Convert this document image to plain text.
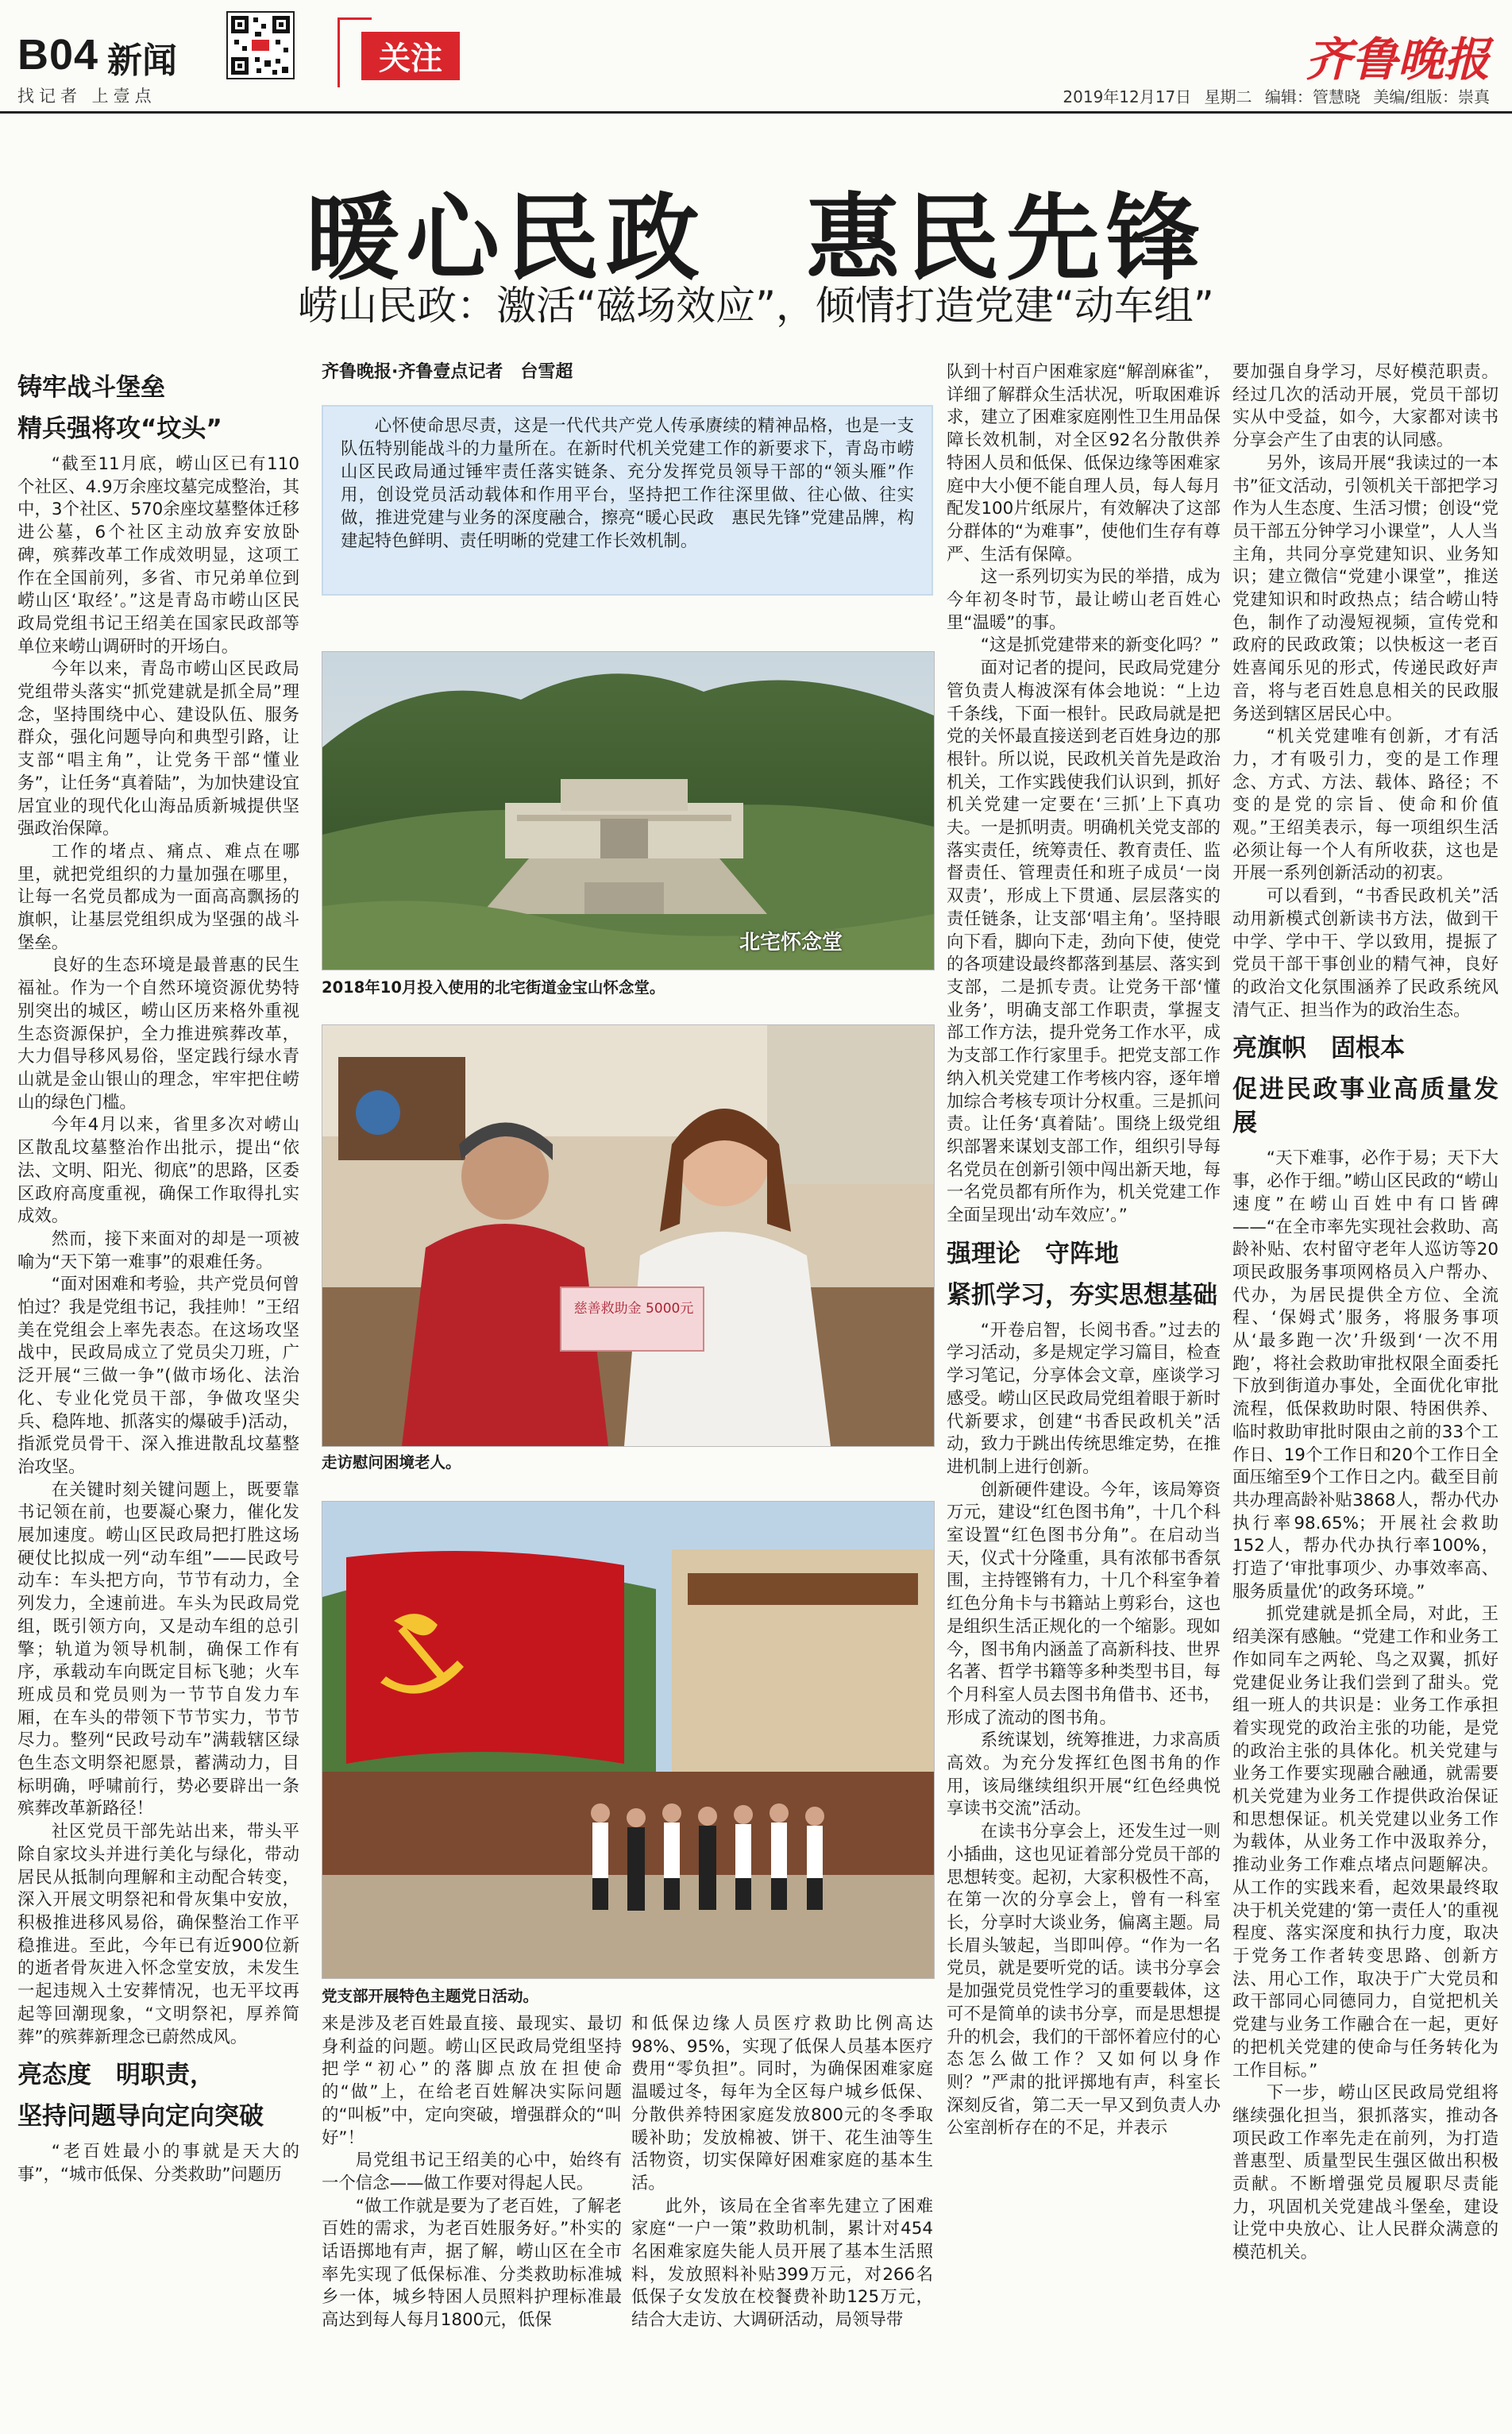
B04 新闻
找记者 上壹点
关注	齐鲁晚报
2019年12月17日 星期二 编辑：管慧晓 美编/组版：崇真
暖心民政　惠民先锋
崂山民政：激活“磁场效应”，倾情打造党建“动车组”
铸牢战斗堡垒
精兵强将攻“坟头”

“截至11月底，崂山区已有110个社区、4.9万余座坟墓完成整治，其中，3个社区、570余座坟墓整体迁移进公墓，6个社区主动放弃安放卧碑，殡葬改革工作成效明显，这项工作在全国前列，多省、市兄弟单位到崂山区‘取经’。”这是青岛市崂山区民政局党组书记王绍美在国家民政部等单位来崂山调研时的开场白。

今年以来，青岛市崂山区民政局党组带头落实“抓党建就是抓全局”理念，坚持围绕中心、建设队伍、服务群众，强化问题导向和典型引路，让支部“唱主角”，让党务干部“懂业务”，让任务“真着陆”，为加快建设宜居宜业的现代化山海品质新城提供坚强政治保障。

工作的堵点、痛点、难点在哪里，就把党组织的力量加强在哪里，让每一名党员都成为一面高高飘扬的旗帜，让基层党组织成为坚强的战斗堡垒。

良好的生态环境是最普惠的民生福祉。作为一个自然环境资源优势特别突出的城区，崂山区历来格外重视生态资源保护，全力推进殡葬改革，大力倡导移风易俗，坚定践行绿水青山就是金山银山的理念，牢牢把住崂山的绿色门槛。

今年4月以来，省里多次对崂山区散乱坟墓整治作出批示，提出“依法、文明、阳光、彻底”的思路，区委区政府高度重视，确保工作取得扎实成效。

然而，接下来面对的却是一项被喻为“天下第一难事”的艰难任务。

“面对困难和考验，共产党员何曾怕过？我是党组书记，我挂帅！”王绍美在党组会上率先表态。在这场攻坚战中，民政局成立了党员尖刀班，广泛开展“三做一争”(做市场化、法治化、专业化党员干部，争做攻坚尖兵、稳阵地、抓落实的爆破手)活动，指派党员骨干、深入推进散乱坟墓整治攻坚。

在关键时刻关键问题上，既要靠书记领在前，也要凝心聚力，催化发展加速度。崂山区民政局把打胜这场硬仗比拟成一列“动车组”——民政号动车：车头把方向，节节有动力，全列发力，全速前进。车头为民政局党组，既引领方向，又是动车组的总引擎；轨道为领导机制，确保工作有序，承载动车向既定目标飞驰；火车班成员和党员则为一节节自发力车厢，在车头的带领下节节实力，节节尽力。整列“民政号动车”满载辖区绿色生态文明祭祀愿景，蓄满动力，目标明确，呼啸前行，势必要辟出一条殡葬改革新路径！

社区党员干部先站出来，带头平除自家坟头并进行美化与绿化，带动居民从抵制向理解和主动配合转变，深入开展文明祭祀和骨灰集中安放，积极推进移风易俗，确保整治工作平稳推进。至此，今年已有近900位新的逝者骨灰进入怀念堂安放，未发生一起违规入土安葬情况，也无平坟再起等回潮现象，“文明祭祀，厚养简葬”的殡葬新理念已蔚然成风。

亮态度　明职责，
坚持问题导向定向突破

“老百姓最小的事就是天大的事”，“城市低保、分类救助”问题历

齐鲁晚报·齐鲁壹点记者　台雪超

心怀使命思尽责，这是一代代共产党人传承赓续的精神品格，也是一支队伍特别能战斗的力量所在。在新时代机关党建工作的新要求下，青岛市崂山区民政局通过锤牢责任落实链条、充分发挥党员领导干部的“领头雁”作用，创设党员活动载体和作用平台，坚持把工作往深里做、往心做、往实做，推进党建与业务的深度融合，擦亮“暖心民政　惠民先锋”党建品牌，构建起特色鲜明、责任明晰的党建工作长效机制。

北宅怀念堂
2018年10月投入使用的北宅街道金宝山怀念堂。
慈善救助金 5000元
走访慰问困境老人。
党支部开展特色主题党日活动。

来是涉及老百姓最直接、最现实、最切身利益的问题。崂山区民政局党组坚持把学“初心”的落脚点放在担使命的“做”上，在给老百姓解决实际问题的“叫板”中，定向突破，增强群众的“叫好”！

局党组书记王绍美的心中，始终有一个信念——做工作要对得起人民。

“做工作就是要为了老百姓，了解老百姓的需求，为老百姓服务好。”朴实的话语掷地有声，据了解，崂山区在全市率先实现了低保标准、分类救助标准城乡一体，城乡特困人员照料护理标准最高达到每人每月1800元，低保

和低保边缘人员医疗救助比例高达98%、95%，实现了低保人员基本医疗费用“零负担”。同时，为确保困难家庭温暖过冬，每年为全区每户城乡低保、分散供养特困家庭发放800元的冬季取暖补助；发放棉被、饼干、花生油等生活物资，切实保障好困难家庭的基本生活。

此外，该局在全省率先建立了困难家庭“一户一策”救助机制，累计对454名困难家庭失能人员开展了基本生活照料，发放照料补贴399万元，对266名低保子女发放在校餐费补助125万元，结合大走访、大调研活动，局领导带

队到十村百户困难家庭“解剖麻雀”，详细了解群众生活状况，听取困难诉求，建立了困难家庭刚性卫生用品保障长效机制，对全区92名分散供养特困人员和低保、低保边缘等困难家庭中大小便不能自理人员，每人每月配发100片纸尿片，有效解决了这部分群体的“为难事”，使他们生存有尊严、生活有保障。

这一系列切实为民的举措，成为今年初冬时节，最让崂山老百姓心里“温暖”的事。

“这是抓党建带来的新变化吗？”

面对记者的提问，民政局党建分管负责人梅波深有体会地说：“上边千条线，下面一根针。民政局就是把党的关怀最直接送到老百姓身边的那根针。所以说，民政机关首先是政治机关，工作实践使我们认识到，抓好机关党建一定要在‘三抓’上下真功夫。一是抓明责。明确机关党支部的落实责任，统筹责任、教育责任、监督责任、管理责任和班子成员‘一岗双责’，形成上下贯通、层层落实的责任链条，让支部‘唱主角’。坚持眼向下看，脚向下走，劲向下使，使党的各项建设最终都落到基层、落实到支部，二是抓专责。让党务干部‘懂业务’，明确支部工作职责，掌握支部工作方法，提升党务工作水平，成为支部工作行家里手。把党支部工作纳入机关党建工作考核内容，逐年增加综合考核专项计分权重。三是抓问责。让任务‘真着陆’。围绕上级党组织部署来谋划支部工作，组织引导每名党员在创新引领中闯出新天地，每一名党员都有所作为，机关党建工作全面呈现出‘动车效应’。”

强理论　守阵地
紧抓学习，夯实思想基础

“开卷启智，长阅书香。”过去的学习活动，多是规定学习篇目，检查学习笔记，分享体会文章，座谈学习感受。崂山区民政局党组着眼于新时代新要求，创建“书香民政机关”活动，致力于跳出传统思维定势，在推进机制上进行创新。

创新硬件建设。今年，该局筹资万元，建设“红色图书角”，十几个科室设置“红色图书分角”。在启动当天，仪式十分隆重，具有浓郁书香氛围，主持铿锵有力，十几个科室争着红色分角卡与书籍站上剪彩台，这也是组织生活正规化的一个缩影。现如今，图书角内涵盖了高新科技、世界名著、哲学书籍等多种类型书目，每个月科室人员去图书角借书、还书，形成了流动的图书角。

系统谋划，统筹推进，力求高质高效。为充分发挥红色图书角的作用，该局继续组织开展“红色经典悦享读书交流”活动。

在读书分享会上，还发生过一则小插曲，这也见证着部分党员干部的思想转变。起初，大家积极性不高，在第一次的分享会上，曾有一科室长，分享时大谈业务，偏离主题。局长眉头皱起，当即叫停。“作为一名党员，就是要听党的话。读书分享会是加强党员党性学习的重要载体，这可不是简单的读书分享，而是思想提升的机会，我们的干部怀着应付的心态怎么做工作？又如何以身作则？”严肃的批评掷地有声，科室长深刻反省，第二天一早又到负责人办公室剖析存在的不足，并表示

要加强自身学习，尽好模范职责。经过几次的活动开展，党员干部切实从中受益，如今，大家都对读书分享会产生了由衷的认同感。

另外，该局开展“我读过的一本书”征文活动，引领机关干部把学习作为人生态度、生活习惯；创设“党员干部五分钟学习小课堂”，人人当主角，共同分享党建知识、业务知识；建立微信“党建小课堂”，推送党建知识和时政热点；结合崂山特色，制作了动漫短视频，宣传党和政府的民政政策；以快板这一老百姓喜闻乐见的形式，传递民政好声音，将与老百姓息息相关的民政服务送到辖区居民心中。

“机关党建唯有创新，才有活力，才有吸引力，变的是工作理念、方式、方法、载体、路径；不变的是党的宗旨、使命和价值观。”王绍美表示，每一项组织生活必须让每一个人有所收获，这也是开展一系列创新活动的初衷。

可以看到，“书香民政机关”活动用新模式创新读书方法，做到干中学、学中干、学以致用，提振了党员干部干事创业的精气神，良好的政治文化氛围涵养了民政系统风清气正、担当作为的政治生态。

亮旗帜　固根本
促进民政事业高质量发展

“天下难事，必作于易；天下大事，必作于细。”崂山区民政的“崂山速度”在崂山百姓中有口皆碑——“在全市率先实现社会救助、高龄补贴、农村留守老年人巡访等20项民政服务事项网格员入户帮办、代办，为居民提供全方位、全流程、‘保姆式’服务，将服务事项从‘最多跑一次’升级到‘一次不用跑’，将社会救助审批权限全面委托下放到街道办事处，全面优化审批流程，低保救助时限、特困供养、临时救助审批时限由之前的33个工作日、19个工作日和20个工作日全面压缩至9个工作日之内。截至目前共办理高龄补贴3868人，帮办代办执行率98.65%；开展社会救助152人，帮办代办执行率100%，打造了‘审批事项少、办事效率高、服务质量优’的政务环境。”

抓党建就是抓全局，对此，王绍美深有感触。“党建工作和业务工作如同车之两轮、鸟之双翼，抓好党建促业务让我们尝到了甜头。党组一班人的共识是：业务工作承担着实现党的政治主张的功能，是党的政治主张的具体化。机关党建与业务工作要实现融合融通，就需要机关党建为业务工作提供政治保证和思想保证。机关党建以业务工作为载体，从业务工作中汲取养分，推动业务工作难点堵点问题解决。从工作的实践来看，起效果最终取决于机关党建的‘第一责任人’的重视程度、落实深度和执行力度，取决于党务工作者转变思路、创新方法、用心工作，取决于广大党员和政干部同心同德同力，自觉把机关党建与业务工作融合在一起，更好的把机关党建的使命与任务转化为工作目标。”

下一步，崂山区民政局党组将继续强化担当，狠抓落实，推动各项民政工作率先走在前列，为打造普惠型、质量型民生强区做出积极贡献。不断增强党员履职尽责能力，巩固机关党建战斗堡垒，建设让党中央放心、让人民群众满意的模范机关。
